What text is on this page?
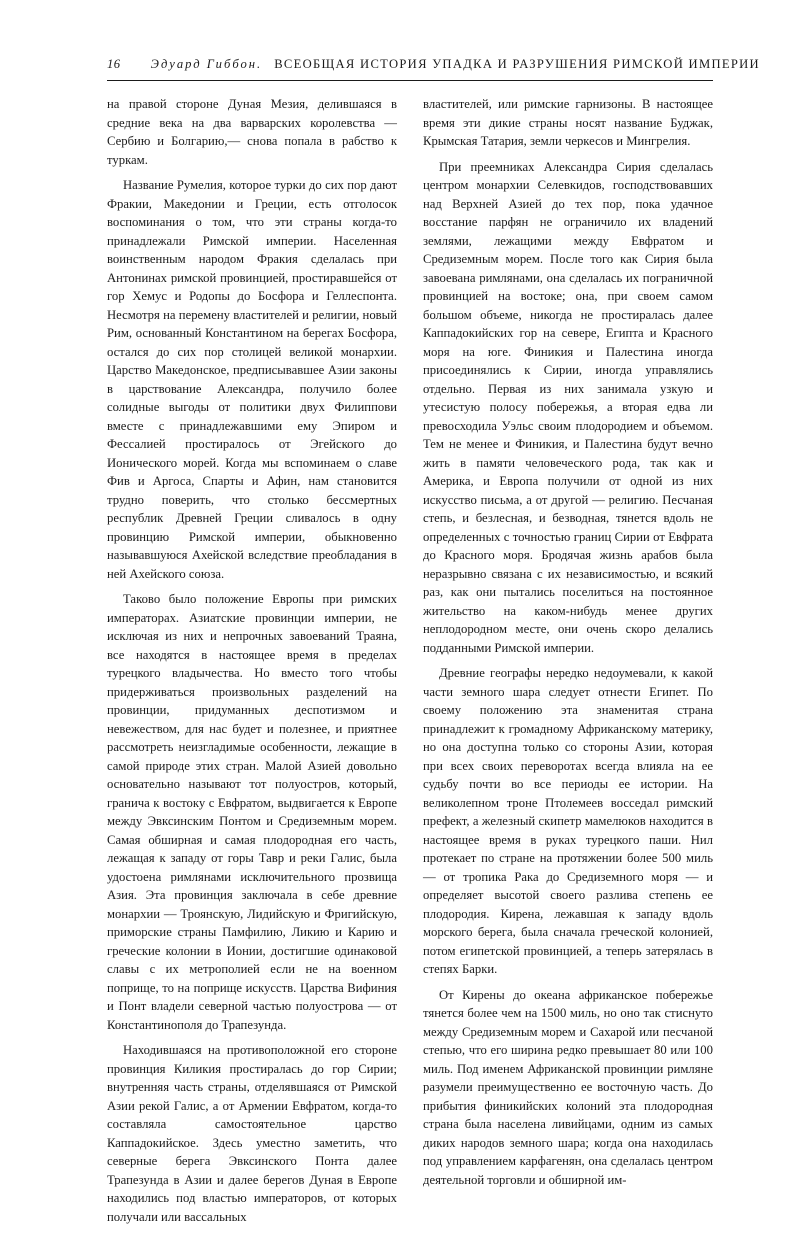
16 Эдуард Гиббон. ВСЕОБЩАЯ ИСТОРИЯ УПАДКА И РАЗРУШЕНИЯ РИМСКОЙ ИМПЕРИИ

на правой стороне Дуная Мезия, делившаяся в средние века на два варварских королевства — Сербию и Болгарию,— снова попала в рабство к туркам.

Название Румелия, которое турки до сих пор дают Фракии, Македонии и Греции, есть отголосок воспоминания о том, что эти страны когда-то принадлежали Римской империи. Населенная воинственным народом Фракия сделалась при Антонинах римской провинцией, простиравшейся от гор Хемус и Родопы до Босфора и Геллеспонта. Несмотря на перемену властителей и религии, новый Рим, основанный Константином на берегах Босфора, остался до сих пор столицей великой монархии. Царство Македонское, предписывавшее Азии законы в царствование Александра, получило более солидные выгоды от политики двух Филиппови вместе с принадлежавшими ему Эпиром и Фессалией простиралось от Эгейского до Ионического морей. Когда мы вспоминаем о славе Фив и Аргоса, Спарты и Афин, нам становится трудно поверить, что столько бессмертных республик Древней Греции сливалось в одну провинцию Римской империи, обыкновенно называвшуюся Ахейской вследствие преобладания в ней Ахейского союза.

Таково было положение Европы при римских императорах. Азиатские провинции империи, не исключая из них и непрочных завоеваний Траяна, все находятся в настоящее время в пределах турецкого владычества. Но вместо того чтобы придерживаться произвольных разделений на провинции, придуманных деспотизмом и невежеством, для нас будет и полезнее, и приятнее рассмотреть неизгладимые особенности, лежащие в самой природе этих стран. Малой Азией довольно основательно называют тот полуостров, который, гранича к востоку с Евфратом, выдвигается к Европе между Эвксинским Понтом и Средиземным морем. Самая обширная и самая плодородная его часть, лежащая к западу от горы Тавр и реки Галис, была удостоена римлянами исключительного прозвища Азия. Эта провинция заключала в себе древние монархии — Троянскую, Лидийскую и Фригийскую, приморские страны Памфилию, Ликию и Карию и греческие колонии в Ионии, достигшие одинаковой славы с их метрополией если не на военном поприще, то на поприще искусств. Царства Вифиния и Понт владели северной частью полуострова — от Константинополя до Трапезунда.

Находившаяся на противоположной его стороне провинция Киликия простиралась до гор Сирии; внутренняя часть страны, отделявшаяся от Римской Азии рекой Галис, а от Армении Евфратом, когда-то составляла самостоятельное царство Каппадокийское. Здесь уместно заметить, что северные берега Эвксинского Понта далее Трапезунда в Азии и далее берегов Дуная в Европе находились под властью императоров, от которых получали или вассальных

властителей, или римские гарнизоны. В настоящее время эти дикие страны носят название Буджак, Крымская Татария, земли черкесов и Мингрелия.

При преемниках Александра Сирия сделалась центром монархии Селевкидов, господствовавших над Верхней Азией до тех пор, пока удачное восстание парфян не ограничило их владений землями, лежащими между Евфратом и Средиземным морем. После того как Сирия была завоевана римлянами, она сделалась их пограничной провинцией на востоке; она, при своем самом большом объеме, никогда не простиралась далее Каппадокийских гор на севере, Египта и Красного моря на юге. Финикия и Палестина иногда присоединялись к Сирии, иногда управлялись отдельно. Первая из них занимала узкую и утесистую полосу побережья, а вторая едва ли превосходила Уэльс своим плодородием и объемом. Тем не менее и Финикия, и Палестина будут вечно жить в памяти человеческого рода, так как и Америка, и Европа получили от одной из них искусство письма, а от другой — религию. Песчаная степь, и безлесная, и безводная, тянется вдоль не определенных с точностью границ Сирии от Евфрата до Красного моря. Бродячая жизнь арабов была неразрывно связана с их независимостью, и всякий раз, как они пытались поселиться на постоянное жительство на каком-нибудь менее других неплодородном месте, они очень скоро делались подданными Римской империи.

Древние географы нередко недоумевали, к какой части земного шара следует отнести Египет. По своему положению эта знаменитая страна принадлежит к громадному Африканскому материку, но она доступна только со стороны Азии, которая при всех своих переворотах всегда влияла на ее судьбу почти во все периоды ее истории. На великолепном троне Птолемеев восседал римский префект, а железный скипетр мамелюков находится в настоящее время в руках турецкого паши. Нил протекает по стране на протяжении более 500 миль — от тропика Рака до Средиземного моря — и определяет высотой своего разлива степень ее плодородия. Кирена, лежавшая к западу вдоль морского берега, была сначала греческой колонией, потом египетской провинцией, а теперь затерялась в степях Барки.

От Кирены до океана африканское побережье тянется более чем на 1500 миль, но оно так стиснуто между Средиземным морем и Сахарой или песчаной степью, что его ширина редко превышает 80 или 100 миль. Под именем Африканской провинции римляне разумели преимущественно ее восточную часть. До прибытия финикийских колоний эта плодородная страна была населена ливийцами, одним из самых диких народов земного шара; когда она находилась под управлением карфагенян, она сделалась центром деятельной торговли и обширной им-
